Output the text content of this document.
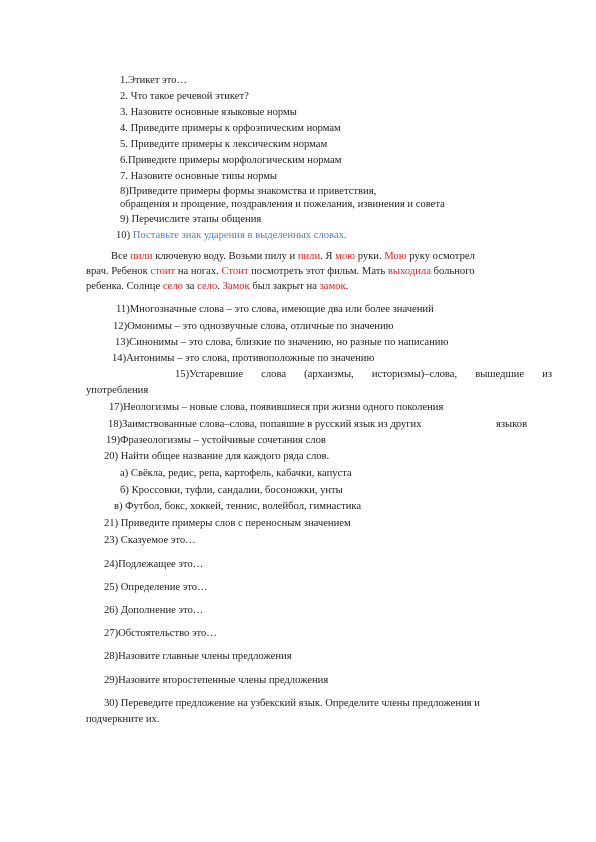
1.Этикет это…
2. Что такое речевой этикет?
3. Назовите основные языковые нормы
4. Приведите примеры к орфоэпическим нормам
5. Приведите примеры к лексическим нормам
6.Приведите примеры морфологическим нормам
7. Назовите основные типы нормы
8)Приведите примеры формы знакомства и приветствия,
обращения и прощение, поздравления и пожелания, извинения и совета
9) Перечислите этапы общения
10) Поставьте знак ударения в выделенных словах.
Все пили ключевую воду. Возьми пилу и пили. Я мою руки. Мою руку осмотрел
врач. Ребенок стоит на ногах. Стоит посмотреть этот фильм. Мать выходила больного
ребенка. Солнце село за село. Замок был закрыт на замок.
11)Многозначные слова – это слова, имеющие два или более значений
12)Омонимы – это однозвучные слова, отличные по значению
13)Синонимы – это слова, близкие по значению, но разные по написанию
14)Антонимы – это слова, противоположные по значению
15)Устаревшие слова (архаизмы, историзмы)–слова, вышедшие из
употребления
17)Неологизмы – новые слова, появившиеся при жизни одного поколения
18)Заимствованные слова–слова, попавшие в русский язык из других	языков
19)Фразеологизмы – устойчивые сочетания слов
20) Найти общее название для каждого ряда слов.
а) Свёкла, редис, репа, картофель, кабачки, капуста
б) Кроссовки, туфли, сандалии, босоножки, унты
в) Футбол, бокс, хоккей, теннис, волейбол, гимнастика
21) Приведите примеры слов с переносным значением
23) Сказуемое это…
24)Подлежащее это…
25) Определение это…
26) Дополнение это…
27)Обстоятельство это…
28)Назовите главные члены предложения
29)Назовите второстепенные члены предложения
30) Переведите предложение на узбекский язык. Определите члены предложения и
подчеркните их.
